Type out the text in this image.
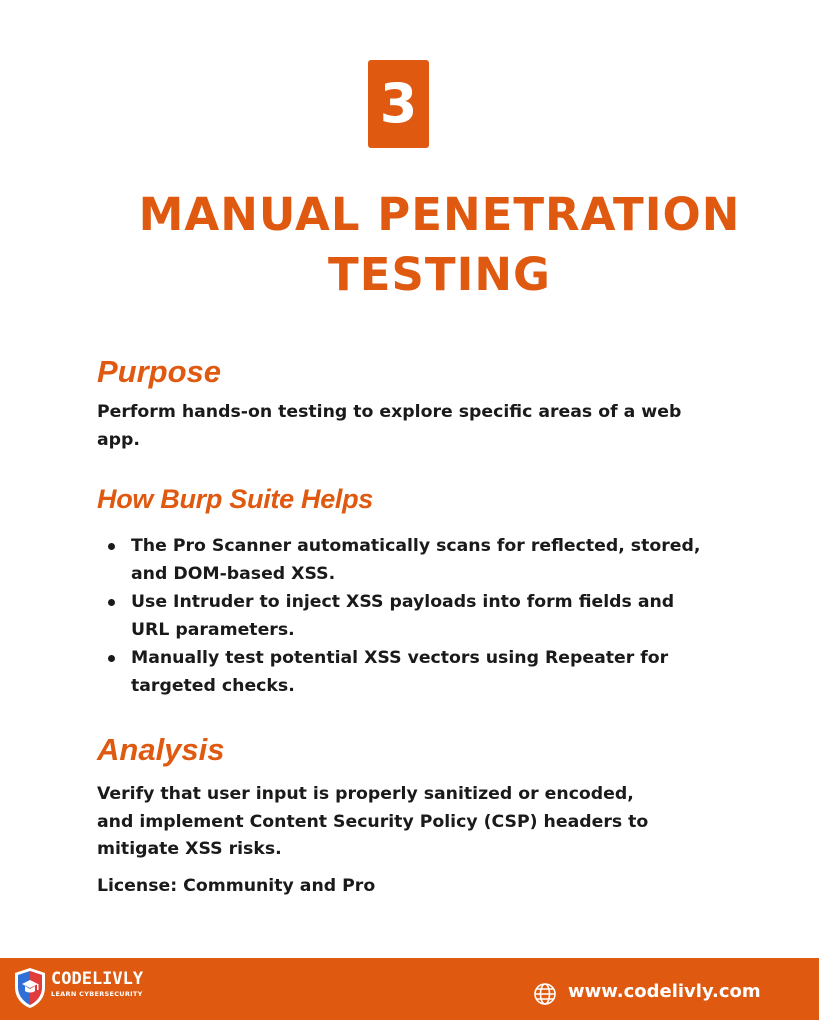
3
MANUAL PENETRATION
TESTING
Purpose

Perform hands-on testing to explore specific areas of a web app.

How Burp Suite Helps
The Pro Scanner automatically scans for reflected, stored, and DOM-based XSS.
Use Intruder to inject XSS payloads into form fields and URL parameters.
Manually test potential XSS vectors using Repeater for targeted checks.
Analysis

Verify that user input is properly sanitized or encoded, and implement Content Security Policy (CSP) headers to mitigate XSS risks.

License: Community and Pro

CODELIVLY
LEARN CYBERSECURITY	www.codelivly.com
